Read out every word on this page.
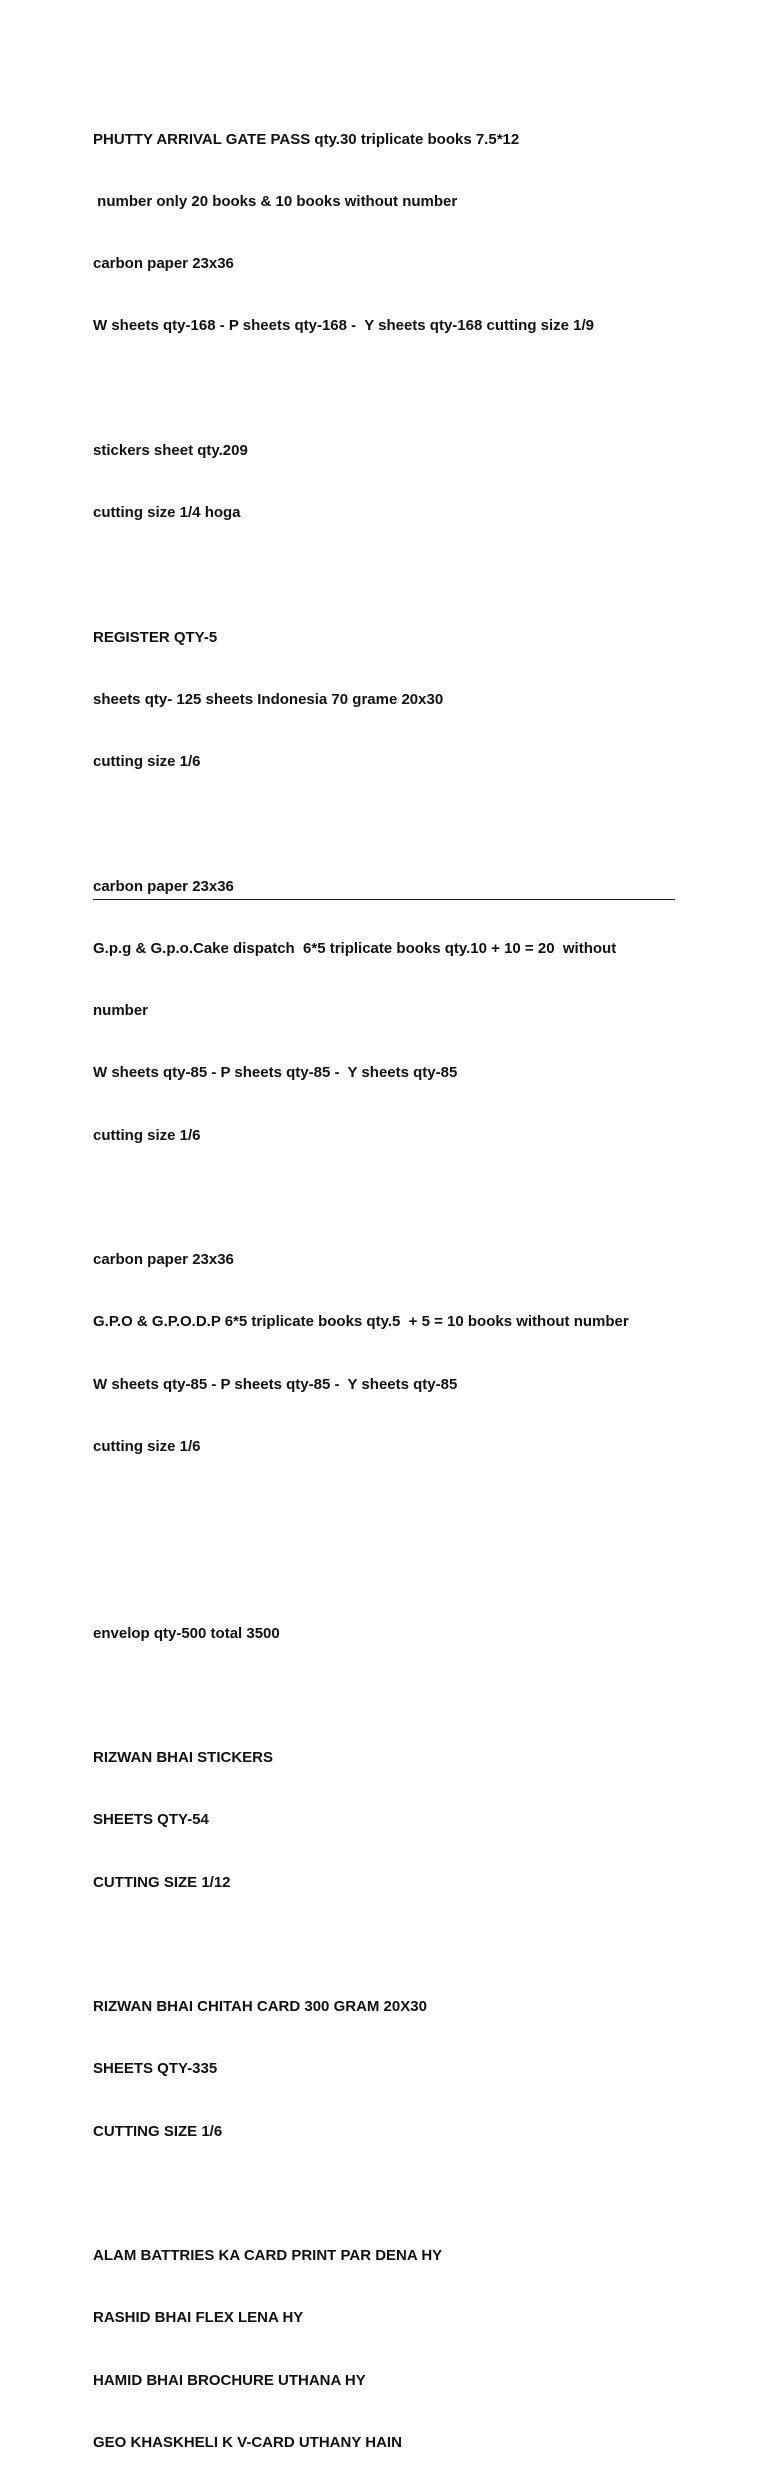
PHUTTY ARRIVAL GATE PASS qty.30 triplicate books 7.5*12

number only 20 books & 10 books without number

carbon paper 23x36

W sheets qty-168 - P sheets qty-168 -  Y sheets qty-168 cutting size 1/9

stickers sheet qty.209

cutting size 1/4 hoga

REGISTER QTY-5

sheets qty- 125 sheets Indonesia 70 grame 20x30

cutting size 1/6

carbon paper 23x36

G.p.g & G.p.o.Cake dispatch  6*5 triplicate books qty.10 + 10 = 20  without

number

W sheets qty-85 - P sheets qty-85 -  Y sheets qty-85

cutting size 1/6

carbon paper 23x36

G.P.O & G.P.O.D.P 6*5 triplicate books qty.5  + 5 = 10 books without number

W sheets qty-85 - P sheets qty-85 -  Y sheets qty-85

cutting size 1/6

envelop qty-500 total 3500

RIZWAN BHAI STICKERS

SHEETS QTY-54

CUTTING SIZE 1/12

RIZWAN BHAI CHITAH CARD 300 GRAM 20X30

SHEETS QTY-335

CUTTING SIZE 1/6

ALAM BATTRIES KA CARD PRINT PAR DENA HY

RASHID BHAI FLEX LENA HY

HAMID BHAI BROCHURE UTHANA HY

GEO KHASKHELI K V-CARD UTHANY HAIN
